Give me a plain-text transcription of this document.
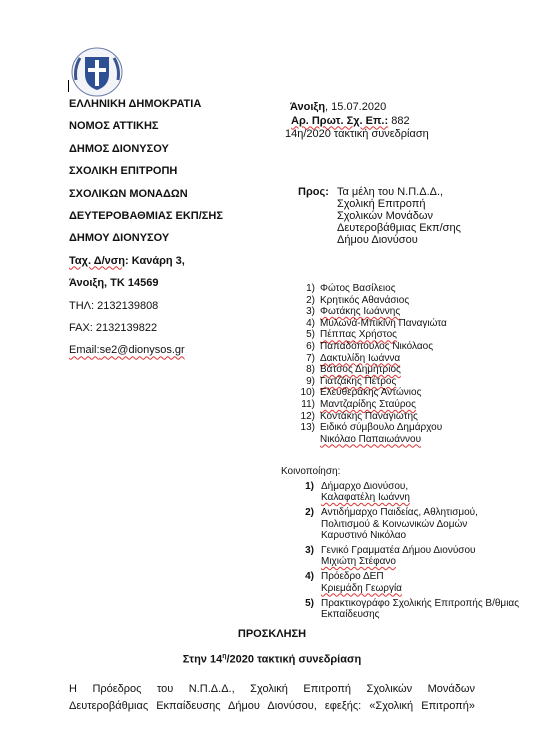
ΕΛΛΗΝΙΚΗ ΔΗΜΟΚΡΑΤΙΑ
ΝΟΜΟΣ ΑΤΤΙΚΗΣ
ΔΗΜΟΣ ΔΙΟΝΥΣΟΥ
ΣΧΟΛΙΚΗ ΕΠΙΤΡΟΠΗ
ΣΧΟΛΙΚΩΝ ΜΟΝΑΔΩΝ
ΔΕΥΤΕΡΟΒΑΘΜΙΑΣ ΕΚΠ/ΣΗΣ
ΔΗΜΟΥ ΔΙΟΝΥΣΟΥ
Ταχ. Δ/νση: Κανάρη 3,
Άνοιξη, ΤΚ 14569
ΤΗΛ: 2132139808
FAX: 2132139822
Email:se2@dionysos.gr
Άνοιξη, 15.07.2020
Αρ. Πρωτ. Σχ. Επ.: 882
14η/2020 τακτική συνεδρίαση
Προς: Τα μέλη του Ν.Π.Δ.Δ.,
Σχολική Επιτροπή
Σχολικών Μονάδων
Δευτεροβάθμιας Εκπ/σης
Δήμου Διονύσου
1) Φώτος Βασίλειος
2) Κρητικός Αθανάσιος
3) Φωτάκης Ιωάννης
4) Μυλωνά-Μπικίνη Παναγιώτα
5) Πέππας Χρήστος
6) Παπαδόπουλος Νικόλαος
7) Δακτυλίδη Ιωάννα
8) Βάτσος Δημήτριος
9) Γιατζάκης Πέτρος
10) Ελευθεράκης Αντώνιος
11) Μαντζαρίδης Σταύρος
12) Κοντάκης Παναγιώτης
13) Ειδικό σύμβουλο Δημάρχου
Νικόλαο Παπαιωάννου
Κοινοποίηση:
1) Δήμαρχο Διονύσου,
Καλαφατέλη Ιωάννη
2) Αντιδήμαρχο Παιδείας, Αθλητισμού,
Πολιτισμού & Κοινωνικών Δομών
Καρυστινό Νικόλαο
3) Γενικό Γραμματέα Δήμου Διονύσου
Μιχιώτη Στέφανο
4) Πρόεδρο ΔΕΠ
Κριεμάδη Γεωργία
5) Πρακτικογράφο Σχολικής Επιτροπής Β/θμιας
Εκπαίδευσης
ΠΡΟΣΚΛΗΣΗ
Στην $14^\eta/2020$ τακτική συνεδρίαση
Η Πρόεδρος του Ν.Π.Δ.Δ., Σχολική Επιτροπή Σχολικών Μονάδων
Δευτεροβάθμιας Εκπαίδευσης Δήμου Διονύσου, εφεξής: «Σχολική Επιτροπή»
